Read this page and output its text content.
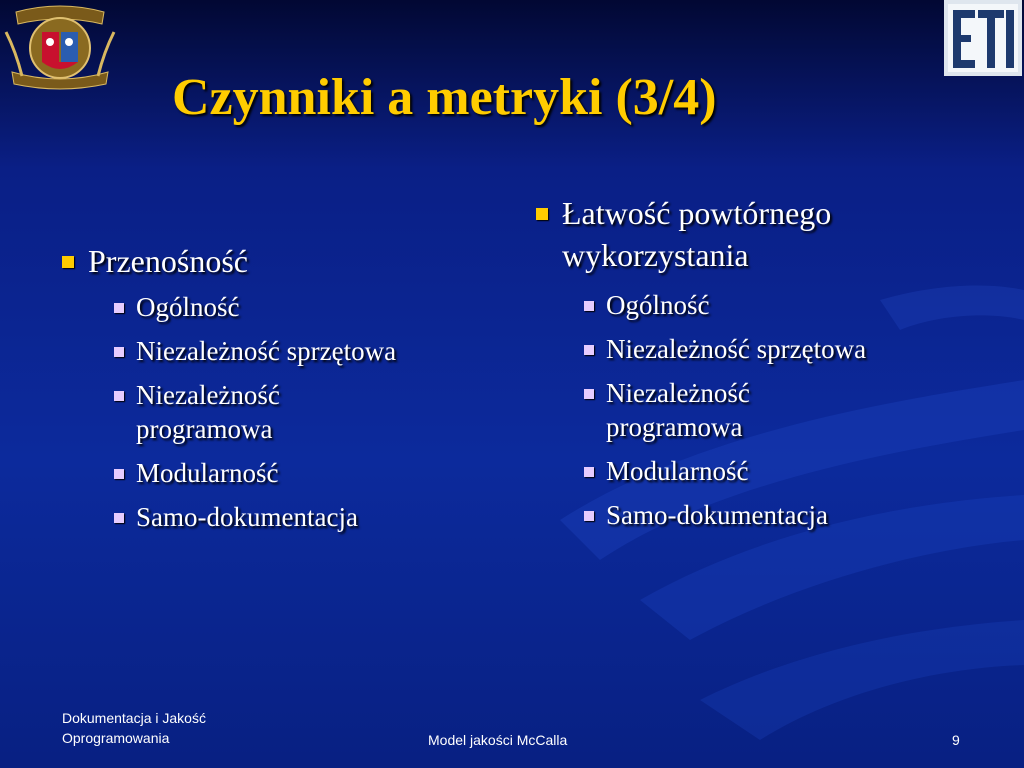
Czynniki a metryki (3/4)
Przenośność
Ogólność
Niezależność sprzętowa
Niezależność programowa
Modularność
Samo-dokumentacja
Łatwość powtórnego wykorzystania
Ogólność
Niezależność sprzętowa
Niezależność programowa
Modularność
Samo-dokumentacja
Dokumentacja i Jakość Oprogramowania	Model jakości McCalla	9
